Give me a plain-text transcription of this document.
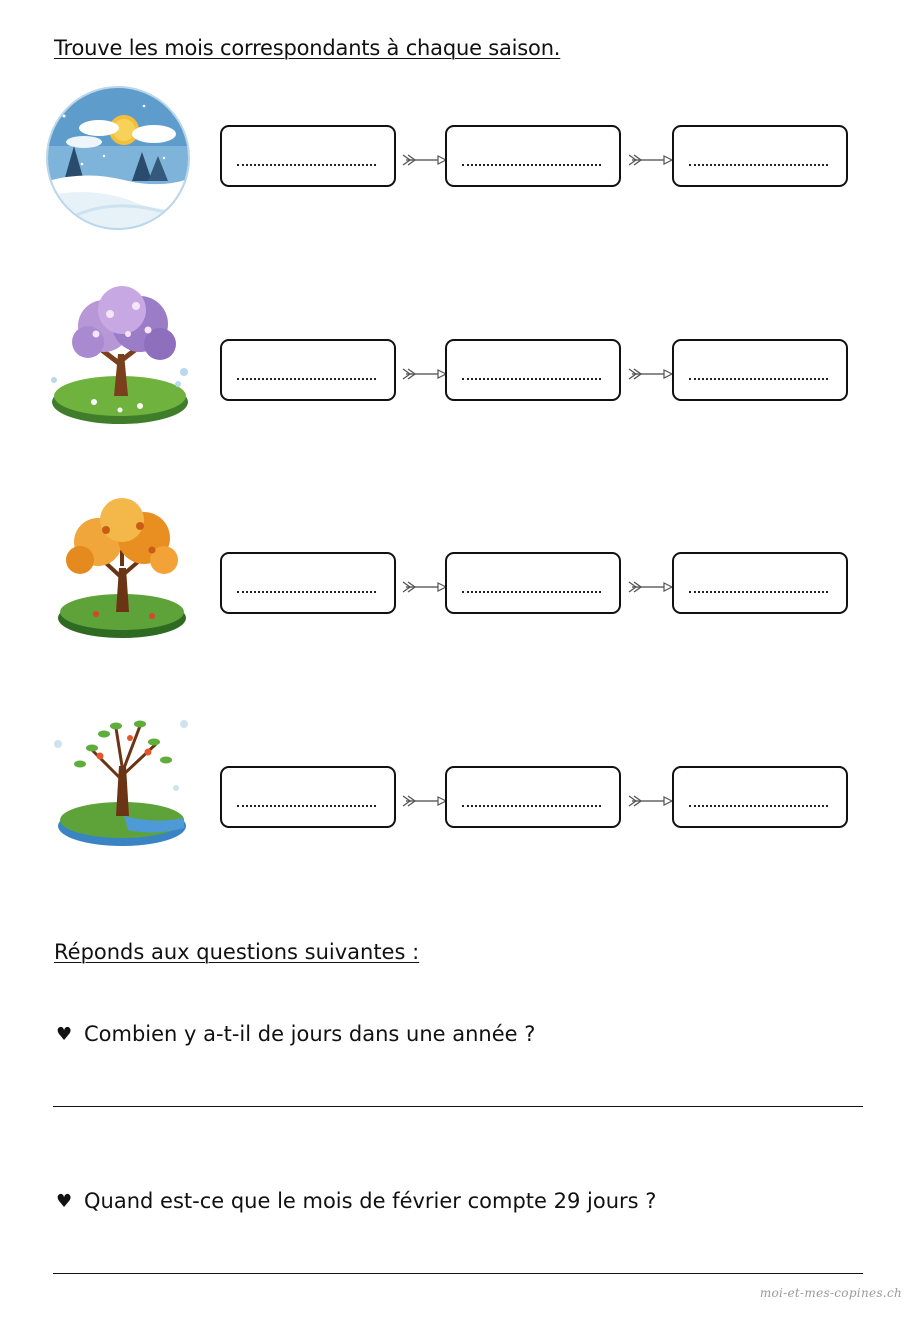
Trouve les mois correspondants à chaque saison.
Réponds aux questions suivantes :
♥ Combien y a-t-il de jours dans une année ?
♥ Quand est-ce que le mois de février compte 29 jours ?
moi-et-mes-copines.ch
